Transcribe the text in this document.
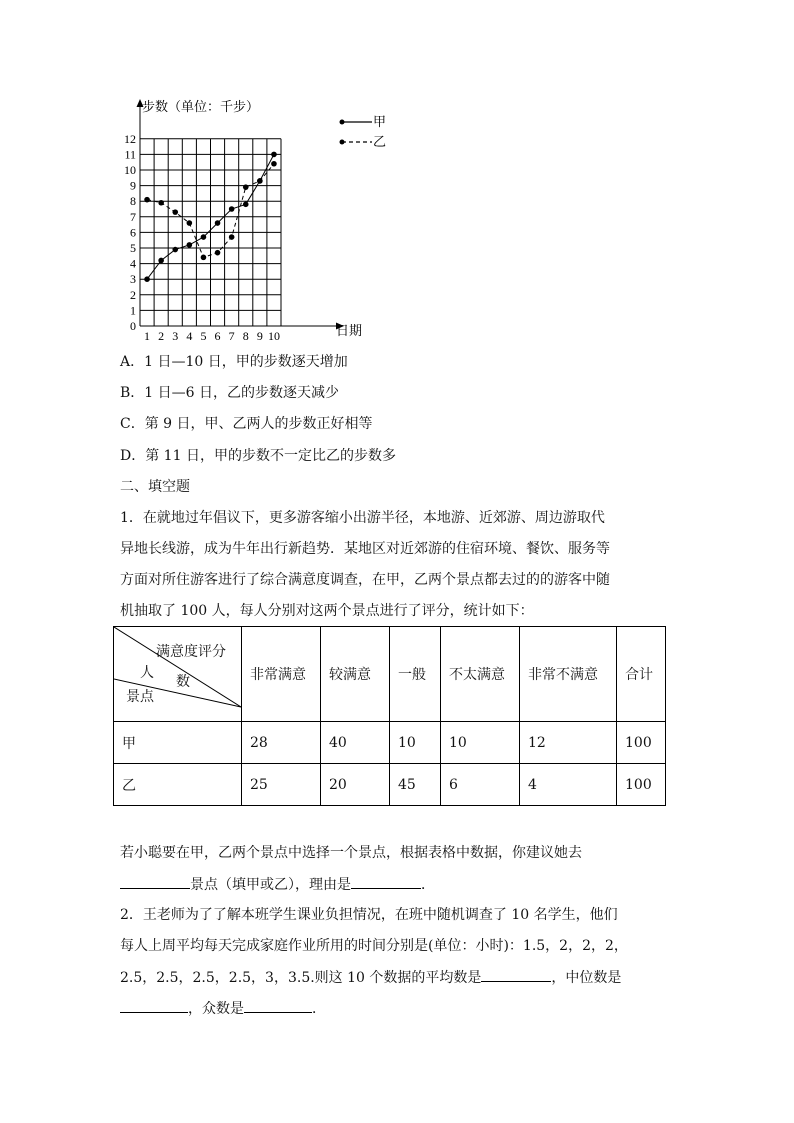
0
1
2
3
4
5
6
7
8
9
10
11
12
1 2 3 4 5 6 7 8 9 10
步数（单位：千步）
日期
甲
乙
A．1 日—10 日，甲的步数逐天增加
B．1 日—6 日，乙的步数逐天减少
C．第 9 日，甲、乙两人的步数正好相等
D．第 11 日，甲的步数不一定比乙的步数多
二、填空题
1．在就地过年倡议下，更多游客缩小出游半径，本地游、近郊游、周边游取代
异地长线游，成为牛年出行新趋势．某地区对近郊游的住宿环境、餐饮、服务等
方面对所住游客进行了综合满意度调查，在甲，乙两个景点都去过的的游客中随
机抽取了 100 人，每人分别对这两个景点进行了评分，统计如下：
满意度评分
人
数
景点	非常满意	较满意	一般	不太满意	非常不满意	合计
甲	28	40	10	10	12	100
乙	25	20	45	6	4	100
若小聪要在甲，乙两个景点中选择一个景点，根据表格中数据，你建议她去
景点（填甲或乙），理由是	．
2．王老师为了了解本班学生课业负担情况，在班中随机调查了 10 名学生，他们
每人上周平均每天完成家庭作业所用的时间分别是(单位：小时)：1.5，2，2，2，
2.5，2.5，2.5，2.5，3，3.5.则这 10 个数据的平均数是	，中位数是
，众数是	．
